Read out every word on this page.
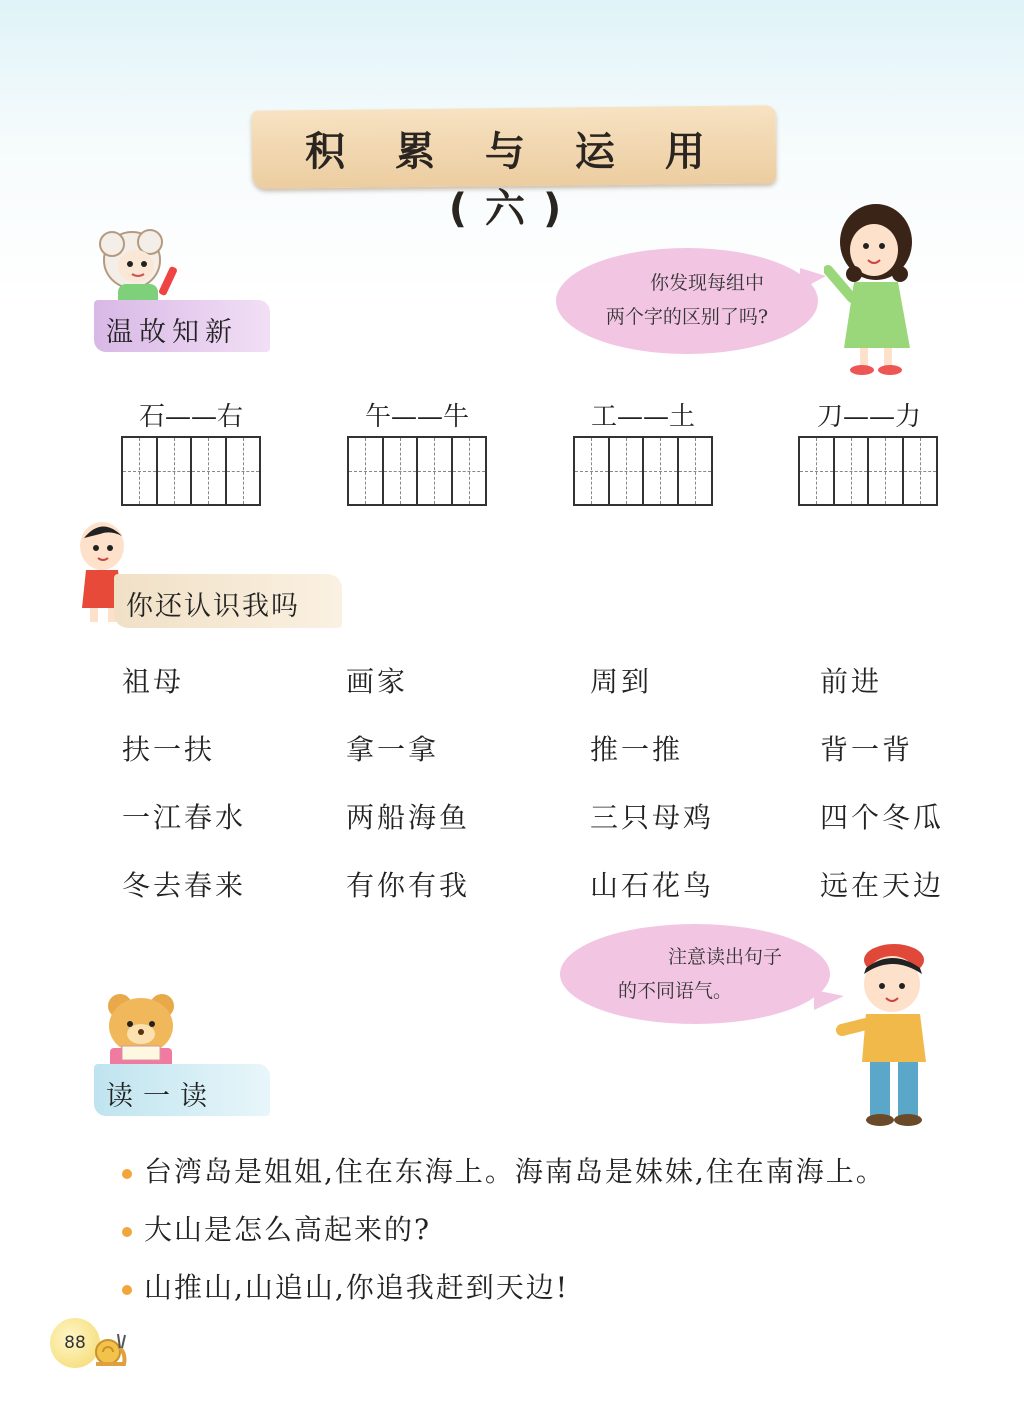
积 累 与 运 用 (六)
温故知新
你发现每组中
两个字的区别了吗?
石——右	午——牛	工——土	刀——力
你还认识我吗
祖母	画家	周到	前进
扶一扶	拿一拿	推一推	背一背
一江春水	两船海鱼	三只母鸡	四个冬瓜
冬去春来	有你有我	山石花鸟	远在天边
注意读出句子
的不同语气。
读一读
台湾岛是姐姐,住在东海上。海南岛是妹妹,住在南海上。
大山是怎么高起来的?
山推山,山追山,你追我赶到天边!
88
